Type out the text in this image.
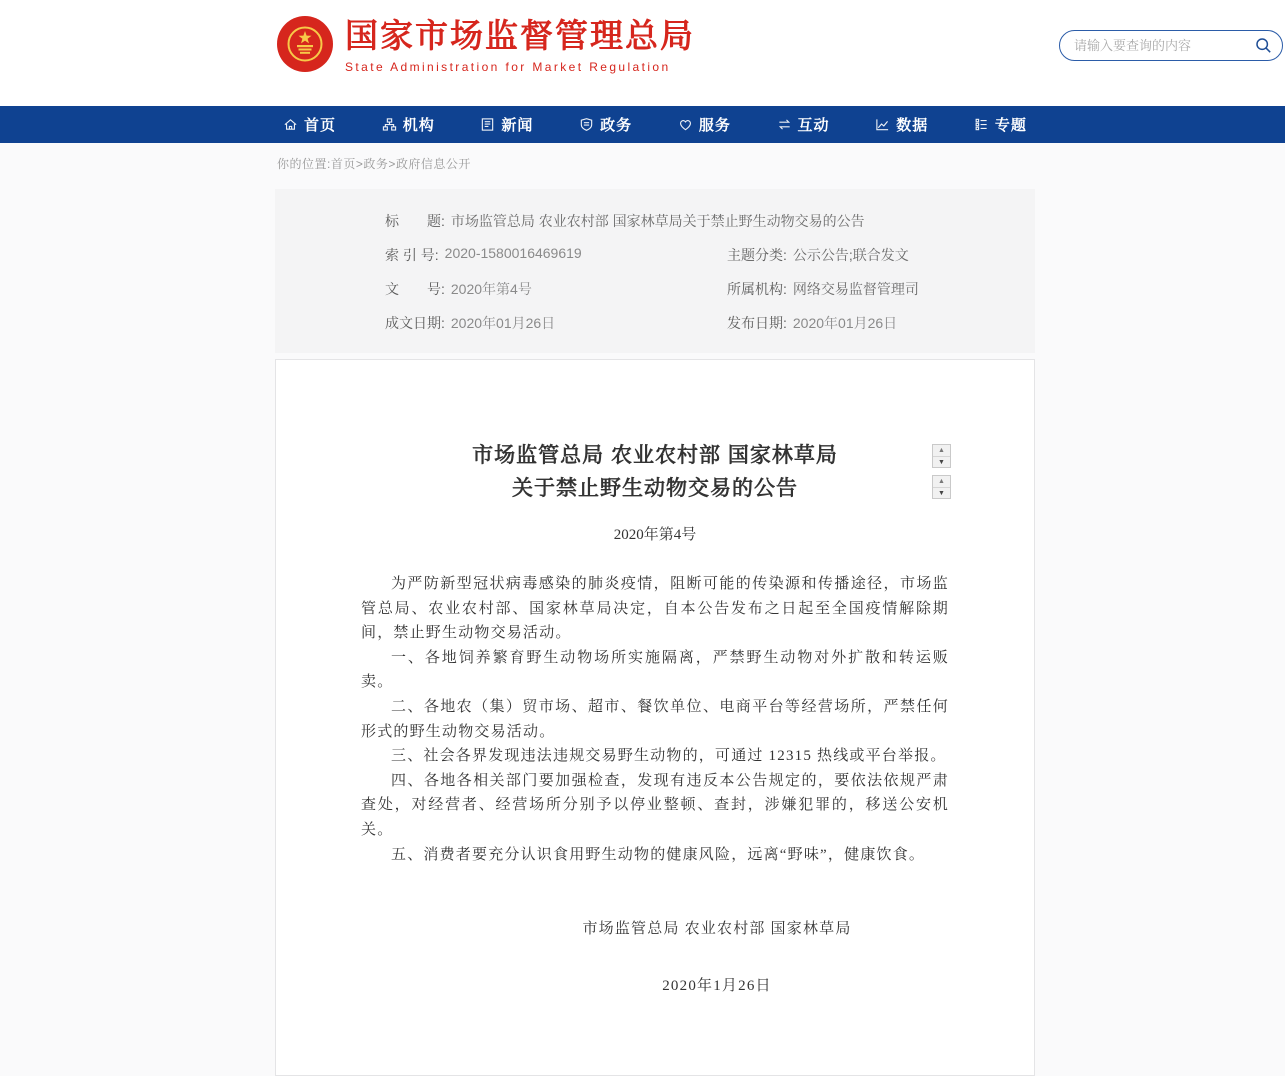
国家市场监督管理总局
State Administration for Market Regulation
请输入要查询的内容
首页	机构	新闻	政务	服务	互动	数据	专题
你的位置:首页>政务>政府信息公开
标　　题: 市场监管总局 农业农村部 国家林草局关于禁止野生动物交易的公告
索 引 号: 2020-1580016469619	主题分类: 公示公告;联合发文
文　　号: 2020年第4号	所属机构: 网络交易监督管理司
成文日期: 2020年01月26日	发布日期: 2020年01月26日
▲
▼
▲
▼
市场监管总局 农业农村部 国家林草局
关于禁止野生动物交易的公告
2020年第4号

为严防新型冠状病毒感染的肺炎疫情，阻断可能的传染源和传播途径，市场监管总局、农业农村部、国家林草局决定，自本公告发布之日起至全国疫情解除期间，禁止野生动物交易活动。

一、各地饲养繁育野生动物场所实施隔离，严禁野生动物对外扩散和转运贩卖。

二、各地农（集）贸市场、超市、餐饮单位、电商平台等经营场所，严禁任何形式的野生动物交易活动。

三、社会各界发现违法违规交易野生动物的，可通过 12315 热线或平台举报。

四、各地各相关部门要加强检查，发现有违反本公告规定的，要依法依规严肃查处，对经营者、经营场所分别予以停业整顿、查封，涉嫌犯罪的，移送公安机关。

五、消费者要充分认识食用野生动物的健康风险，远离“野味”，健康饮食。

市场监管总局 农业农村部 国家林草局
2020年1月26日
